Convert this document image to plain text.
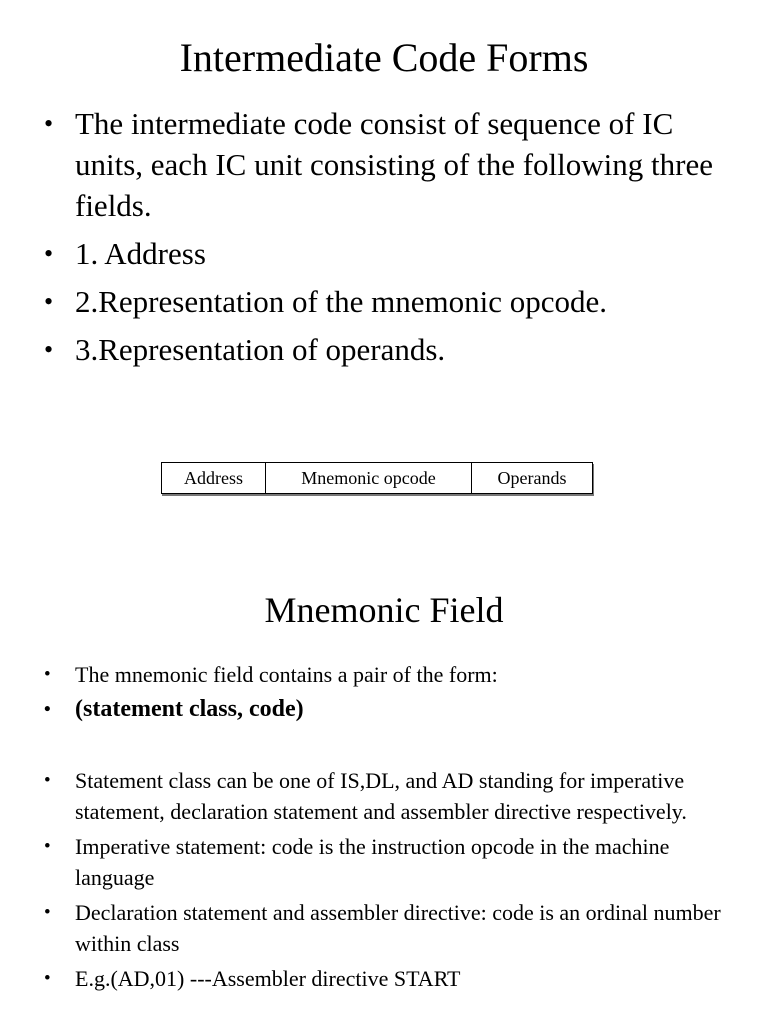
Intermediate Code Forms
• The intermediate code consist of sequence of IC units, each IC unit consisting of the following three fields.
• 1. Address
• 2.Representation of the mnemonic opcode.
• 3.Representation of operands.
Address	Mnemonic opcode	Operands
Mnemonic Field
• The mnemonic field contains a pair of the form:
• (statement class, code)
• Statement class can be one of IS,DL, and AD standing for imperative statement, declaration statement and assembler directive respectively.
• Imperative statement: code is the instruction opcode in the machine language
• Declaration statement and assembler directive: code is an ordinal number within class
• E.g.(AD,01) ---Assembler directive START
